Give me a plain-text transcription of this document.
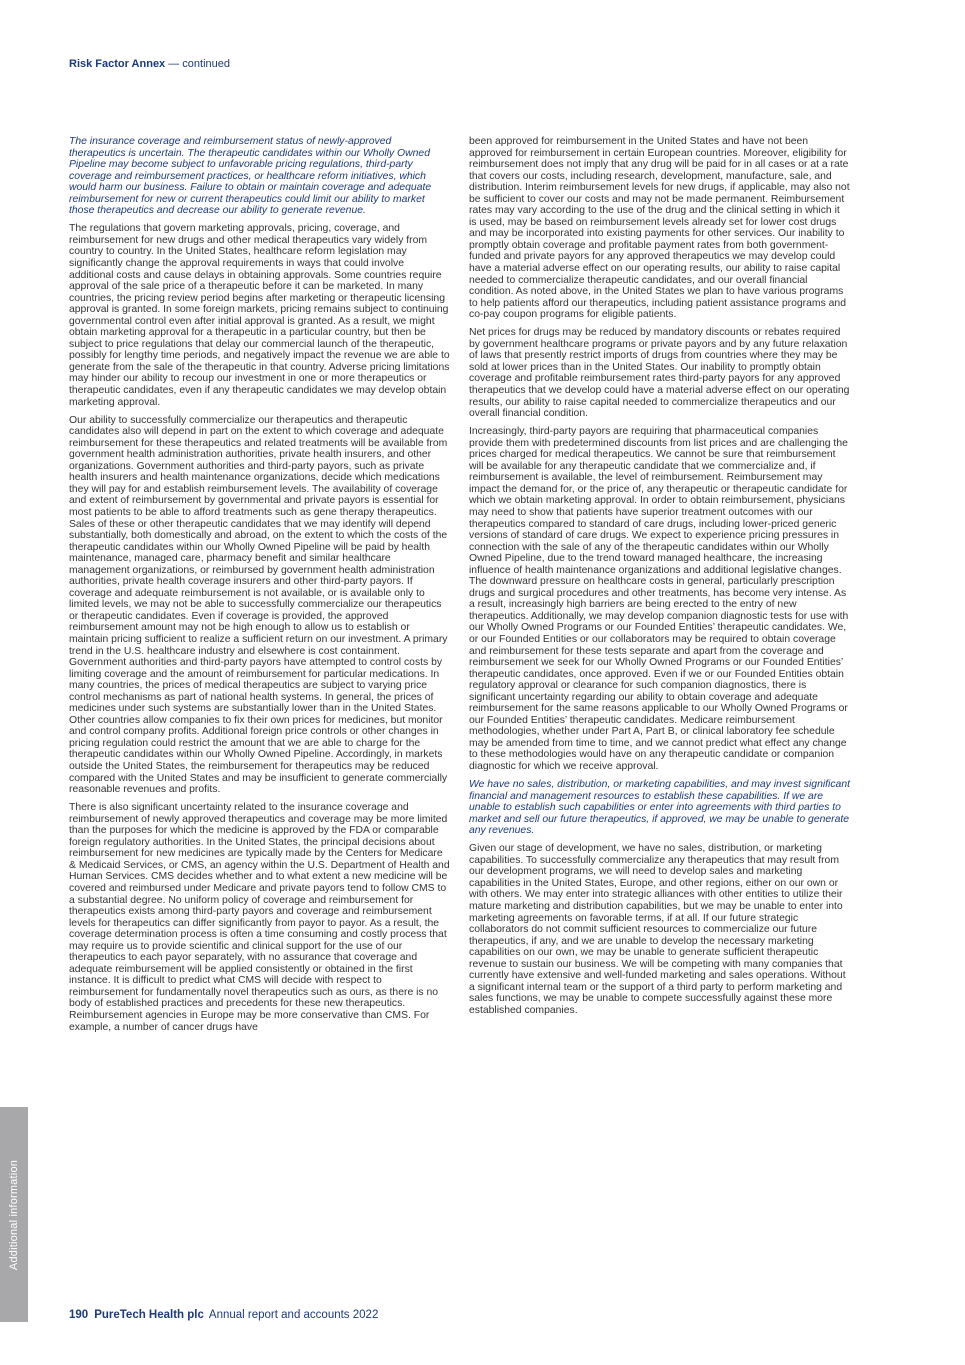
Risk Factor Annex — continued

The insurance coverage and reimbursement status of newly-approved therapeutics is uncertain. The therapeutic candidates within our Wholly Owned Pipeline may become subject to unfavorable pricing regulations, third-party coverage and reimbursement practices, or healthcare reform initiatives, which would harm our business. Failure to obtain or maintain coverage and adequate reimbursement for new or current therapeutics could limit our ability to market those therapeutics and decrease our ability to generate revenue.

The regulations that govern marketing approvals, pricing, coverage, and reimbursement for new drugs and other medical therapeutics vary widely from country to country. In the United States, healthcare reform legislation may significantly change the approval requirements in ways that could involve additional costs and cause delays in obtaining approvals. Some countries require approval of the sale price of a therapeutic before it can be marketed. In many countries, the pricing review period begins after marketing or therapeutic licensing approval is granted. In some foreign markets, pricing remains subject to continuing governmental control even after initial approval is granted. As a result, we might obtain marketing approval for a therapeutic in a particular country, but then be subject to price regulations that delay our commercial launch of the therapeutic, possibly for lengthy time periods, and negatively impact the revenue we are able to generate from the sale of the therapeutic in that country. Adverse pricing limitations may hinder our ability to recoup our investment in one or more therapeutics or therapeutic candidates, even if any therapeutic candidates we may develop obtain marketing approval.

Our ability to successfully commercialize our therapeutics and therapeutic candidates also will depend in part on the extent to which coverage and adequate reimbursement for these therapeutics and related treatments will be available from government health administration authorities, private health insurers, and other organizations. Government authorities and third-party payors, such as private health insurers and health maintenance organizations, decide which medications they will pay for and establish reimbursement levels. The availability of coverage and extent of reimbursement by governmental and private payors is essential for most patients to be able to afford treatments such as gene therapy therapeutics. Sales of these or other therapeutic candidates that we may identify will depend substantially, both domestically and abroad, on the extent to which the costs of the therapeutic candidates within our Wholly Owned Pipeline will be paid by health maintenance, managed care, pharmacy benefit and similar healthcare management organizations, or reimbursed by government health administration authorities, private health coverage insurers and other third-party payors. If coverage and adequate reimbursement is not available, or is available only to limited levels, we may not be able to successfully commercialize our therapeutics or therapeutic candidates. Even if coverage is provided, the approved reimbursement amount may not be high enough to allow us to establish or maintain pricing sufficient to realize a sufficient return on our investment. A primary trend in the U.S. healthcare industry and elsewhere is cost containment. Government authorities and third-party payors have attempted to control costs by limiting coverage and the amount of reimbursement for particular medications. In many countries, the prices of medical therapeutics are subject to varying price control mechanisms as part of national health systems. In general, the prices of medicines under such systems are substantially lower than in the United States. Other countries allow companies to fix their own prices for medicines, but monitor and control company profits. Additional foreign price controls or other changes in pricing regulation could restrict the amount that we are able to charge for the therapeutic candidates within our Wholly Owned Pipeline. Accordingly, in markets outside the United States, the reimbursement for therapeutics may be reduced compared with the United States and may be insufficient to generate commercially reasonable revenues and profits.

There is also significant uncertainty related to the insurance coverage and reimbursement of newly approved therapeutics and coverage may be more limited than the purposes for which the medicine is approved by the FDA or comparable foreign regulatory authorities. In the United States, the principal decisions about reimbursement for new medicines are typically made by the Centers for Medicare & Medicaid Services, or CMS, an agency within the U.S. Department of Health and Human Services. CMS decides whether and to what extent a new medicine will be covered and reimbursed under Medicare and private payors tend to follow CMS to a substantial degree. No uniform policy of coverage and reimbursement for therapeutics exists among third-party payors and coverage and reimbursement levels for therapeutics can differ significantly from payor to payor. As a result, the coverage determination process is often a time consuming and costly process that may require us to provide scientific and clinical support for the use of our therapeutics to each payor separately, with no assurance that coverage and adequate reimbursement will be applied consistently or obtained in the first instance. It is difficult to predict what CMS will decide with respect to reimbursement for fundamentally novel therapeutics such as ours, as there is no body of established practices and precedents for these new therapeutics. Reimbursement agencies in Europe may be more conservative than CMS. For example, a number of cancer drugs have

been approved for reimbursement in the United States and have not been approved for reimbursement in certain European countries. Moreover, eligibility for reimbursement does not imply that any drug will be paid for in all cases or at a rate that covers our costs, including research, development, manufacture, sale, and distribution. Interim reimbursement levels for new drugs, if applicable, may also not be sufficient to cover our costs and may not be made permanent. Reimbursement rates may vary according to the use of the drug and the clinical setting in which it is used, may be based on reimbursement levels already set for lower cost drugs and may be incorporated into existing payments for other services. Our inability to promptly obtain coverage and profitable payment rates from both government-funded and private payors for any approved therapeutics we may develop could have a material adverse effect on our operating results, our ability to raise capital needed to commercialize therapeutic candidates, and our overall financial condition. As noted above, in the United States we plan to have various programs to help patients afford our therapeutics, including patient assistance programs and co-pay coupon programs for eligible patients.

Net prices for drugs may be reduced by mandatory discounts or rebates required by government healthcare programs or private payors and by any future relaxation of laws that presently restrict imports of drugs from countries where they may be sold at lower prices than in the United States. Our inability to promptly obtain coverage and profitable reimbursement rates third-party payors for any approved therapeutics that we develop could have a material adverse effect on our operating results, our ability to raise capital needed to commercialize therapeutics and our overall financial condition.

Increasingly, third-party payors are requiring that pharmaceutical companies provide them with predetermined discounts from list prices and are challenging the prices charged for medical therapeutics. We cannot be sure that reimbursement will be available for any therapeutic candidate that we commercialize and, if reimbursement is available, the level of reimbursement. Reimbursement may impact the demand for, or the price of, any therapeutic or therapeutic candidate for which we obtain marketing approval. In order to obtain reimbursement, physicians may need to show that patients have superior treatment outcomes with our therapeutics compared to standard of care drugs, including lower-priced generic versions of standard of care drugs. We expect to experience pricing pressures in connection with the sale of any of the therapeutic candidates within our Wholly Owned Pipeline, due to the trend toward managed healthcare, the increasing influence of health maintenance organizations and additional legislative changes. The downward pressure on healthcare costs in general, particularly prescription drugs and surgical procedures and other treatments, has become very intense. As a result, increasingly high barriers are being erected to the entry of new therapeutics. Additionally, we may develop companion diagnostic tests for use with our Wholly Owned Programs or our Founded Entities’ therapeutic candidates. We, or our Founded Entities or our collaborators may be required to obtain coverage and reimbursement for these tests separate and apart from the coverage and reimbursement we seek for our Wholly Owned Programs or our Founded Entities’ therapeutic candidates, once approved. Even if we or our Founded Entities obtain regulatory approval or clearance for such companion diagnostics, there is significant uncertainty regarding our ability to obtain coverage and adequate reimbursement for the same reasons applicable to our Wholly Owned Programs or our Founded Entities’ therapeutic candidates. Medicare reimbursement methodologies, whether under Part A, Part B, or clinical laboratory fee schedule may be amended from time to time, and we cannot predict what effect any change to these methodologies would have on any therapeutic candidate or companion diagnostic for which we receive approval.

We have no sales, distribution, or marketing capabilities, and may invest significant financial and management resources to establish these capabilities. If we are unable to establish such capabilities or enter into agreements with third parties to market and sell our future therapeutics, if approved, we may be unable to generate any revenues.

Given our stage of development, we have no sales, distribution, or marketing capabilities. To successfully commercialize any therapeutics that may result from our development programs, we will need to develop sales and marketing capabilities in the United States, Europe, and other regions, either on our own or with others. We may enter into strategic alliances with other entities to utilize their mature marketing and distribution capabilities, but we may be unable to enter into marketing agreements on favorable terms, if at all. If our future strategic collaborators do not commit sufficient resources to commercialize our future therapeutics, if any, and we are unable to develop the necessary marketing capabilities on our own, we may be unable to generate sufficient therapeutic revenue to sustain our business. We will be competing with many companies that currently have extensive and well-funded marketing and sales operations. Without a significant internal team or the support of a third party to perform marketing and sales functions, we may be unable to compete successfully against these more established companies.

Additional information
190 PureTech Health plc Annual report and accounts 2022
